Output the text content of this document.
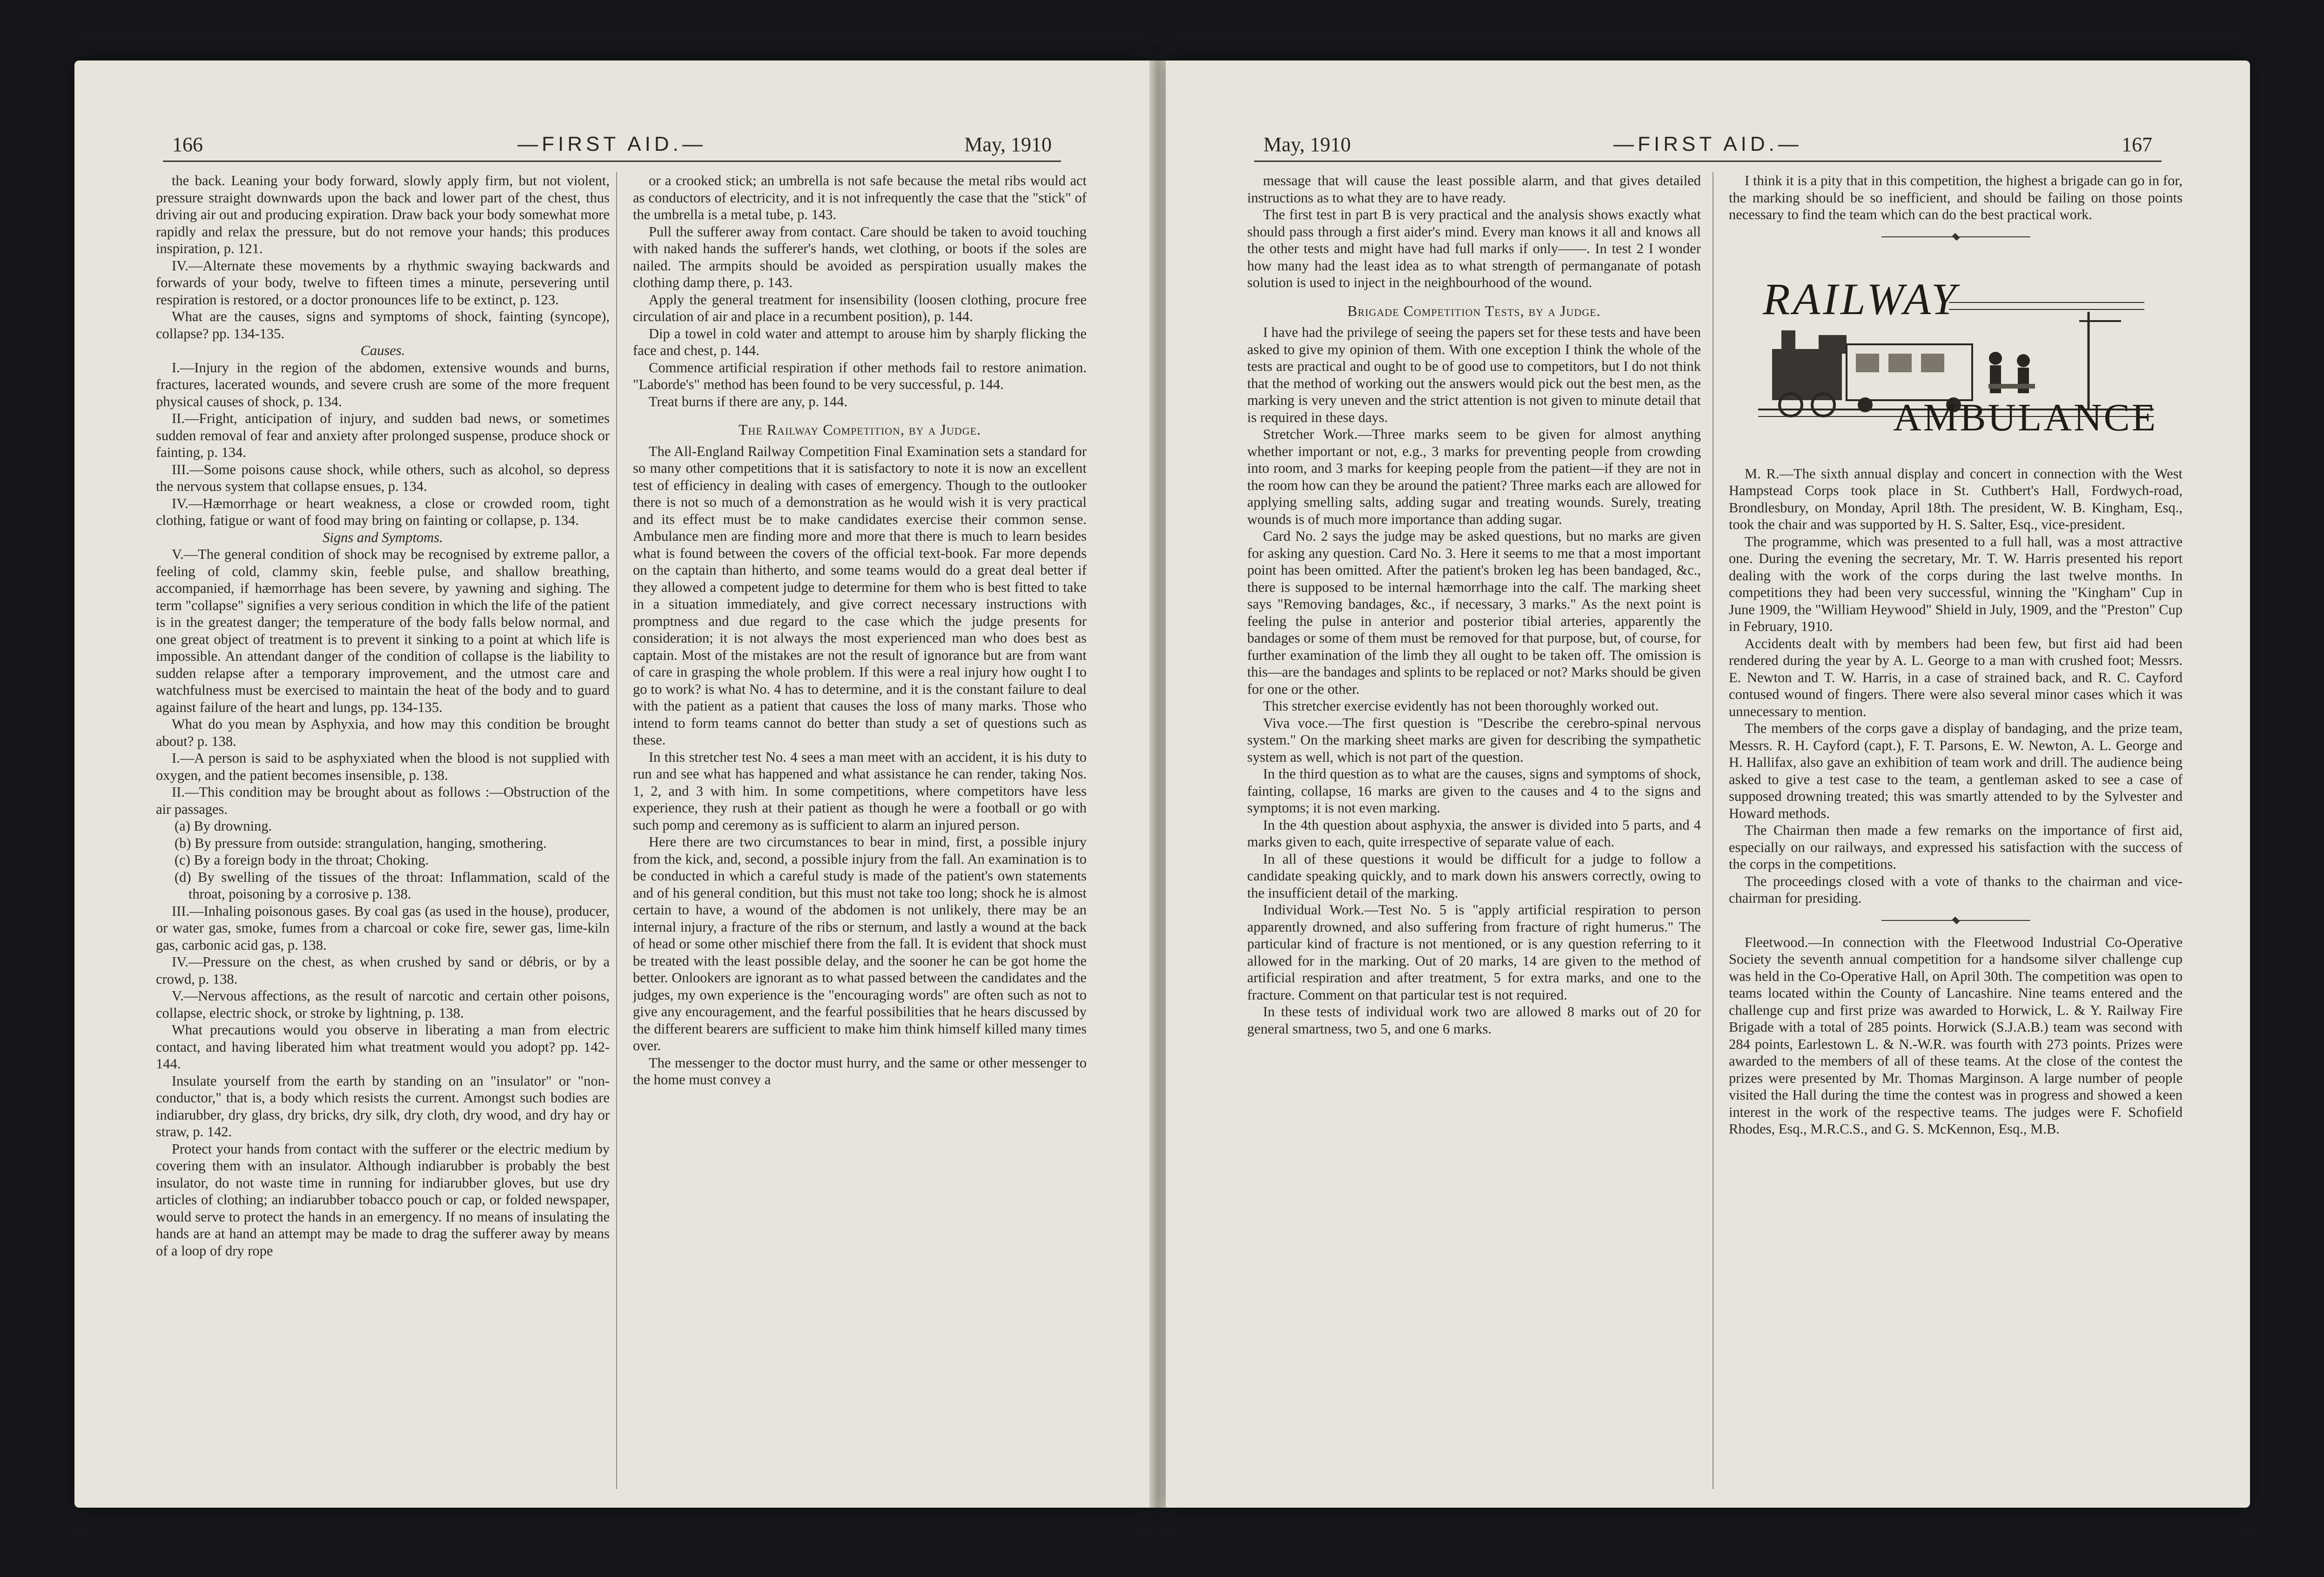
166	—FIRST AID.—	May, 1910

the back. Leaning your body forward, slowly apply firm, but not violent, pressure straight downwards upon the back and lower part of the chest, thus driving air out and producing expiration. Draw back your body somewhat more rapidly and relax the pressure, but do not remove your hands; this produces inspiration, p. 121.

IV.—Alternate these movements by a rhythmic swaying backwards and forwards of your body, twelve to fifteen times a minute, persevering until respiration is restored, or a doctor pronounces life to be extinct, p. 123.

What are the causes, signs and symptoms of shock, fainting (syncope), collapse? pp. 134-135.

Causes.

I.—Injury in the region of the abdomen, extensive wounds and burns, fractures, lacerated wounds, and severe crush are some of the more frequent physical causes of shock, p. 134.

II.—Fright, anticipation of injury, and sudden bad news, or sometimes sudden removal of fear and anxiety after prolonged suspense, produce shock or fainting, p. 134.

III.—Some poisons cause shock, while others, such as alcohol, so depress the nervous system that collapse ensues, p. 134.

IV.—Hæmorrhage or heart weakness, a close or crowded room, tight clothing, fatigue or want of food may bring on fainting or collapse, p. 134.

Signs and Symptoms.

V.—The general condition of shock may be recognised by extreme pallor, a feeling of cold, clammy skin, feeble pulse, and shallow breathing, accompanied, if hæmorrhage has been severe, by yawning and sighing. The term "collapse" signifies a very serious condition in which the life of the patient is in the greatest danger; the temperature of the body falls below normal, and one great object of treatment is to prevent it sinking to a point at which life is impossible. An attendant danger of the condition of collapse is the liability to sudden relapse after a temporary improvement, and the utmost care and watchfulness must be exercised to maintain the heat of the body and to guard against failure of the heart and lungs, pp. 134-135.

What do you mean by Asphyxia, and how may this condition be brought about? p. 138.

I.—A person is said to be asphyxiated when the blood is not supplied with oxygen, and the patient becomes insensible, p. 138.

II.—This condition may be brought about as follows :—Obstruction of the air passages.

(a) By drowning.

(b) By pressure from outside: strangulation, hanging, smothering.

(c) By a foreign body in the throat; Choking.

(d) By swelling of the tissues of the throat: Inflammation, scald of the throat, poisoning by a corrosive p. 138.

III.—Inhaling poisonous gases. By coal gas (as used in the house), producer, or water gas, smoke, fumes from a charcoal or coke fire, sewer gas, lime-kiln gas, carbonic acid gas, p. 138.

IV.—Pressure on the chest, as when crushed by sand or débris, or by a crowd, p. 138.

V.—Nervous affections, as the result of narcotic and certain other poisons, collapse, electric shock, or stroke by lightning, p. 138.

What precautions would you observe in liberating a man from electric contact, and having liberated him what treatment would you adopt? pp. 142-144.

Insulate yourself from the earth by standing on an "insulator" or "non-conductor," that is, a body which resists the current. Amongst such bodies are indiarubber, dry glass, dry bricks, dry silk, dry cloth, dry wood, and dry hay or straw, p. 142.

Protect your hands from contact with the sufferer or the electric medium by covering them with an insulator. Although indiarubber is probably the best insulator, do not waste time in running for indiarubber gloves, but use dry articles of clothing; an indiarubber tobacco pouch or cap, or folded newspaper, would serve to protect the hands in an emergency. If no means of insulating the hands are at hand an attempt may be made to drag the sufferer away by means of a loop of dry rope

or a crooked stick; an umbrella is not safe because the metal ribs would act as conductors of electricity, and it is not infrequently the case that the "stick" of the umbrella is a metal tube, p. 143.

Pull the sufferer away from contact. Care should be taken to avoid touching with naked hands the sufferer's hands, wet clothing, or boots if the soles are nailed. The armpits should be avoided as perspiration usually makes the clothing damp there, p. 143.

Apply the general treatment for insensibility (loosen clothing, procure free circulation of air and place in a recumbent position), p. 144.

Dip a towel in cold water and attempt to arouse him by sharply flicking the face and chest, p. 144.

Commence artificial respiration if other methods fail to restore animation. "Laborde's" method has been found to be very successful, p. 144.

Treat burns if there are any, p. 144.

The Railway Competition, by a Judge.

The All-England Railway Competition Final Examination sets a standard for so many other competitions that it is satisfactory to note it is now an excellent test of efficiency in dealing with cases of emergency. Though to the outlooker there is not so much of a demonstration as he would wish it is very practical and its effect must be to make candidates exercise their common sense. Ambulance men are finding more and more that there is much to learn besides what is found between the covers of the official text-book. Far more depends on the captain than hitherto, and some teams would do a great deal better if they allowed a competent judge to determine for them who is best fitted to take in a situation immediately, and give correct necessary instructions with promptness and due regard to the case which the judge presents for consideration; it is not always the most experienced man who does best as captain. Most of the mistakes are not the result of ignorance but are from want of care in grasping the whole problem. If this were a real injury how ought I to go to work? is what No. 4 has to determine, and it is the constant failure to deal with the patient as a patient that causes the loss of many marks. Those who intend to form teams cannot do better than study a set of questions such as these.

In this stretcher test No. 4 sees a man meet with an accident, it is his duty to run and see what has happened and what assistance he can render, taking Nos. 1, 2, and 3 with him. In some competitions, where competitors have less experience, they rush at their patient as though he were a football or go with such pomp and ceremony as is sufficient to alarm an injured person.

Here there are two circumstances to bear in mind, first, a possible injury from the kick, and, second, a possible injury from the fall. An examination is to be conducted in which a careful study is made of the patient's own statements and of his general condition, but this must not take too long; shock he is almost certain to have, a wound of the abdomen is not unlikely, there may be an internal injury, a fracture of the ribs or sternum, and lastly a wound at the back of head or some other mischief there from the fall. It is evident that shock must be treated with the least possible delay, and the sooner he can be got home the better. Onlookers are ignorant as to what passed between the candidates and the judges, my own experience is the "encouraging words" are often such as not to give any encouragement, and the fearful possibilities that he hears discussed by the different bearers are sufficient to make him think himself killed many times over.

The messenger to the doctor must hurry, and the same or other messenger to the home must convey a

May, 1910	—FIRST AID.—	167

message that will cause the least possible alarm, and that gives detailed instructions as to what they are to have ready.

The first test in part B is very practical and the analysis shows exactly what should pass through a first aider's mind. Every man knows it all and knows all the other tests and might have had full marks if only——. In test 2 I wonder how many had the least idea as to what strength of permanganate of potash solution is used to inject in the neighbourhood of the wound.

Brigade Competition Tests, by a Judge.

I have had the privilege of seeing the papers set for these tests and have been asked to give my opinion of them. With one exception I think the whole of the tests are practical and ought to be of good use to competitors, but I do not think that the method of working out the answers would pick out the best men, as the marking is very uneven and the strict attention is not given to minute detail that is required in these days.

Stretcher Work.—Three marks seem to be given for almost anything whether important or not, e.g., 3 marks for preventing people from crowding into room, and 3 marks for keeping people from the patient—if they are not in the room how can they be around the patient? Three marks each are allowed for applying smelling salts, adding sugar and treating wounds. Surely, treating wounds is of much more importance than adding sugar.

Card No. 2 says the judge may be asked questions, but no marks are given for asking any question. Card No. 3. Here it seems to me that a most important point has been omitted. After the patient's broken leg has been bandaged, &c., there is supposed to be internal hæmorrhage into the calf. The marking sheet says "Removing bandages, &c., if necessary, 3 marks." As the next point is feeling the pulse in anterior and posterior tibial arteries, apparently the bandages or some of them must be removed for that purpose, but, of course, for further examination of the limb they all ought to be taken off. The omission is this—are the bandages and splints to be replaced or not? Marks should be given for one or the other.

This stretcher exercise evidently has not been thoroughly worked out.

Viva voce.—The first question is "Describe the cerebro-spinal nervous system." On the marking sheet marks are given for describing the sympathetic system as well, which is not part of the question.

In the third question as to what are the causes, signs and symptoms of shock, fainting, collapse, 16 marks are given to the causes and 4 to the signs and symptoms; it is not even marking.

In the 4th question about asphyxia, the answer is divided into 5 parts, and 4 marks given to each, quite irrespective of separate value of each.

In all of these questions it would be difficult for a judge to follow a candidate speaking quickly, and to mark down his answers correctly, owing to the insufficient detail of the marking.

Individual Work.—Test No. 5 is "apply artificial respiration to person apparently drowned, and also suffering from fracture of right humerus." The particular kind of fracture is not mentioned, or is any question referring to it allowed for in the marking. Out of 20 marks, 14 are given to the method of artificial respiration and after treatment, 5 for extra marks, and one to the fracture. Comment on that particular test is not required.

In these tests of individual work two are allowed 8 marks out of 20 for general smartness, two 5, and one 6 marks.

I think it is a pity that in this competition, the highest a brigade can go in for, the marking should be so inefficient, and should be failing on those points necessary to find the team which can do the best practical work.

RAILWAY
AMBULANCE

M. R.—The sixth annual display and concert in connection with the West Hampstead Corps took place in St. Cuthbert's Hall, Fordwych-road, Brondlesbury, on Monday, April 18th. The president, W. B. Kingham, Esq., took the chair and was supported by H. S. Salter, Esq., vice-president.

The programme, which was presented to a full hall, was a most attractive one. During the evening the secretary, Mr. T. W. Harris presented his report dealing with the work of the corps during the last twelve months. In competitions they had been very successful, winning the "Kingham" Cup in June 1909, the "William Heywood" Shield in July, 1909, and the "Preston" Cup in February, 1910.

Accidents dealt with by members had been few, but first aid had been rendered during the year by A. L. George to a man with crushed foot; Messrs. E. Newton and T. W. Harris, in a case of strained back, and R. C. Cayford contused wound of fingers. There were also several minor cases which it was unnecessary to mention.

The members of the corps gave a display of bandaging, and the prize team, Messrs. R. H. Cayford (capt.), F. T. Parsons, E. W. Newton, A. L. George and H. Hallifax, also gave an exhibition of team work and drill. The audience being asked to give a test case to the team, a gentleman asked to see a case of supposed drowning treated; this was smartly attended to by the Sylvester and Howard methods.

The Chairman then made a few remarks on the importance of first aid, especially on our railways, and expressed his satisfaction with the success of the corps in the competitions.

The proceedings closed with a vote of thanks to the chairman and vice-chairman for presiding.

Fleetwood.—In connection with the Fleetwood Industrial Co-Operative Society the seventh annual competition for a handsome silver challenge cup was held in the Co-Operative Hall, on April 30th. The competition was open to teams located within the County of Lancashire. Nine teams entered and the challenge cup and first prize was awarded to Horwick, L. & Y. Railway Fire Brigade with a total of 285 points. Horwick (S.J.A.B.) team was second with 284 points, Earlestown L. & N.-W.R. was fourth with 273 points. Prizes were awarded to the members of all of these teams. At the close of the contest the prizes were presented by Mr. Thomas Marginson. A large number of people visited the Hall during the time the contest was in progress and showed a keen interest in the work of the respective teams. The judges were F. Schofield Rhodes, Esq., M.R.C.S., and G. S. McKennon, Esq., M.B.
